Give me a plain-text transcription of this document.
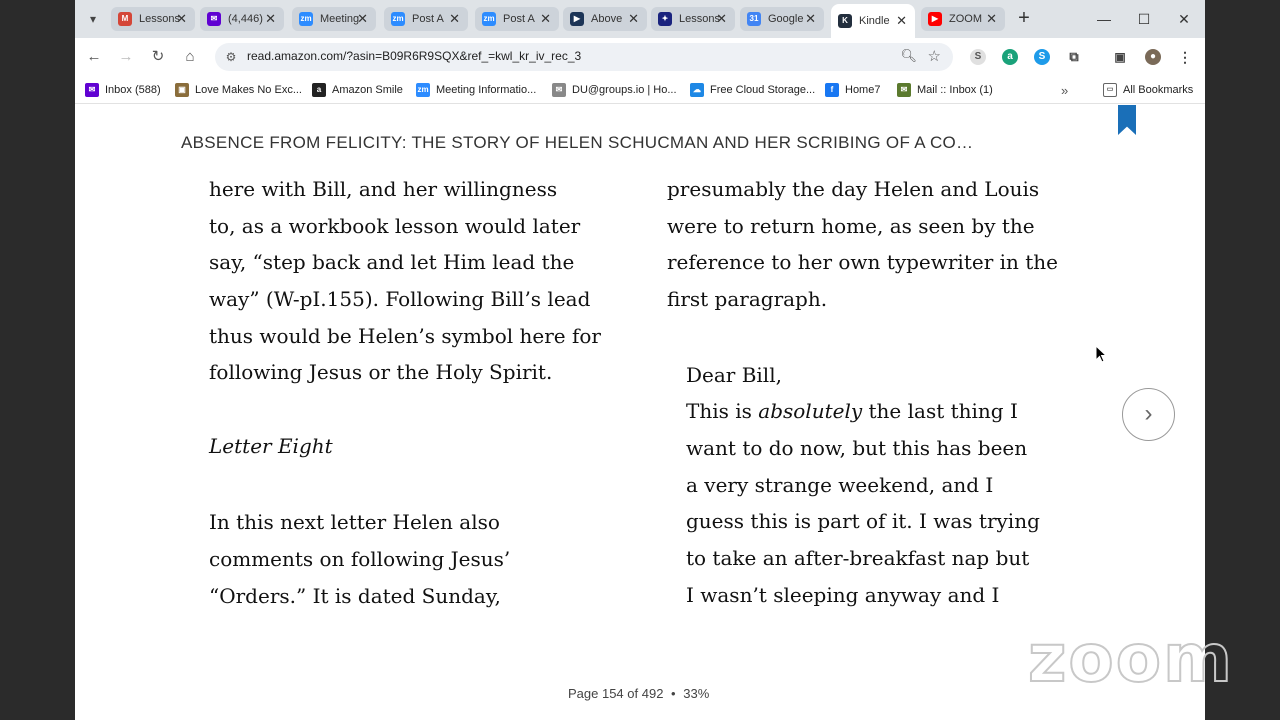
▾	M Lessons
✕	✉ (4,446) ✕	zm Meeting
✕	zm Post A ✕	zm Post A ✕	▶ Above ✕	✦ Lessons
✕	31 Google ✕	K	Kindle ✕	▶ ZOOM ✕ +	—	☐	✕
← →	↻	⌂	⚙ read.amazon.com/?asin=B09R6R9SQX&ref_=kwl_kr_iv_rec_3	🔍︎ ☆	S	a	S	⧉	▣	●	⋮
✉ Inbox (588)	▣ Love Makes No Exc...	a Amazon Smile zm Meeting Informatio...	✉ DU@groups.io | Ho...	☁ Free Cloud Storage...	f	Home7	✉ Mail :: Inbox (1)	»	▭ All Bookmarks
ABSENCE FROM FELICITY: THE STORY OF HELEN SCHUCMAN AND HER SCRIBING OF A CO…
here with Bill, and her willingness
to, as a workbook lesson would later
say, “step back and let Him lead the
way” (W-pI.155). Following Bill’s lead
thus would be Helen’s symbol here for
following Jesus or the Holy Spirit.
Letter Eight
In this next letter Helen also
comments on following Jesus’
“Orders.” It is dated Sunday,
presumably the day Helen and Louis
were to return home, as seen by the
reference to her own typewriter in the
first paragraph.
Dear Bill,
This is absolutely the last thing I
want to do now, but this has been
a very strange weekend, and I
guess this is part of it. I was trying
to take an after-breakfast nap but
I wasn’t sleeping anyway and I
›
Page 154 of 492 • 33%	zoom
